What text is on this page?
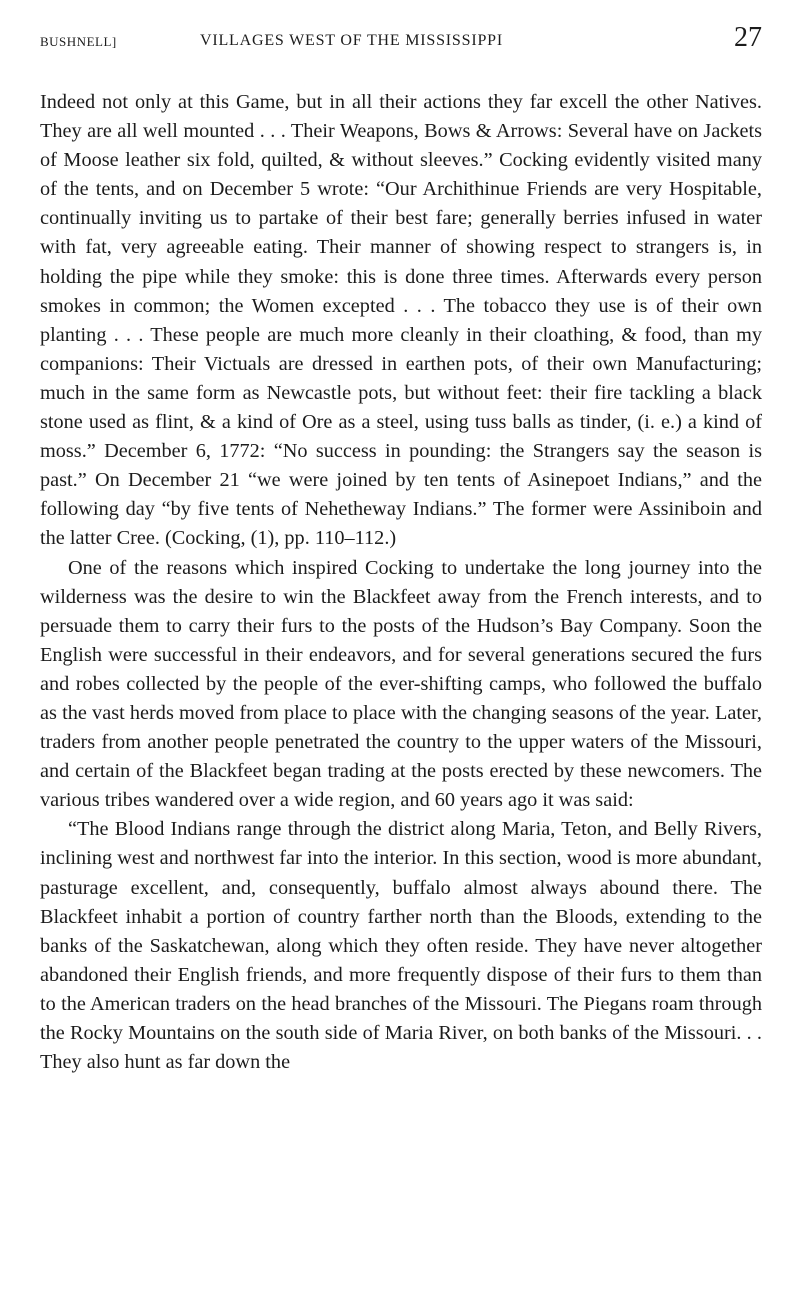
BUSHNELL]	VILLAGES WEST OF THE MISSISSIPPI	27

Indeed not only at this Game, but in all their actions they far excell the other Natives. They are all well mounted . . . Their Weapons, Bows & Arrows: Several have on Jackets of Moose leather six fold, quilted, & without sleeves.” Cocking evidently visited many of the tents, and on December 5 wrote: “Our Archithinue Friends are very Hospitable, continually inviting us to partake of their best fare; generally berries infused in water with fat, very agreeable eating. Their manner of showing respect to strangers is, in holding the pipe while they smoke: this is done three times. Afterwards every person smokes in common; the Women excepted . . . The tobacco they use is of their own planting . . . These people are much more cleanly in their cloathing, & food, than my companions: Their Victuals are dressed in earthen pots, of their own Manufacturing; much in the same form as Newcastle pots, but without feet: their fire tackling a black stone used as flint, & a kind of Ore as a steel, using tuss balls as tinder, (i. e.) a kind of moss.” December 6, 1772: “No success in pounding: the Strangers say the season is past.” On December 21 “we were joined by ten tents of Asinepoet Indians,” and the following day “by five tents of Nehetheway Indians.” The former were Assiniboin and the latter Cree. (Cocking, (1), pp. 110–112.)

One of the reasons which inspired Cocking to undertake the long journey into the wilderness was the desire to win the Blackfeet away from the French interests, and to persuade them to carry their furs to the posts of the Hudson’s Bay Company. Soon the English were successful in their endeavors, and for several generations secured the furs and robes collected by the people of the ever-shifting camps, who followed the buffalo as the vast herds moved from place to place with the changing seasons of the year. Later, traders from another people penetrated the country to the upper waters of the Missouri, and certain of the Blackfeet began trading at the posts erected by these newcomers. The various tribes wandered over a wide region, and 60 years ago it was said:

“The Blood Indians range through the district along Maria, Teton, and Belly Rivers, inclining west and northwest far into the interior. In this section, wood is more abundant, pasturage excellent, and, consequently, buffalo almost always abound there. The Blackfeet inhabit a portion of country farther north than the Bloods, extending to the banks of the Saskatchewan, along which they often reside. They have never altogether abandoned their English friends, and more frequently dispose of their furs to them than to the American traders on the head branches of the Missouri. The Piegans roam through the Rocky Mountains on the south side of Maria River, on both banks of the Missouri. . . They also hunt as far down the
